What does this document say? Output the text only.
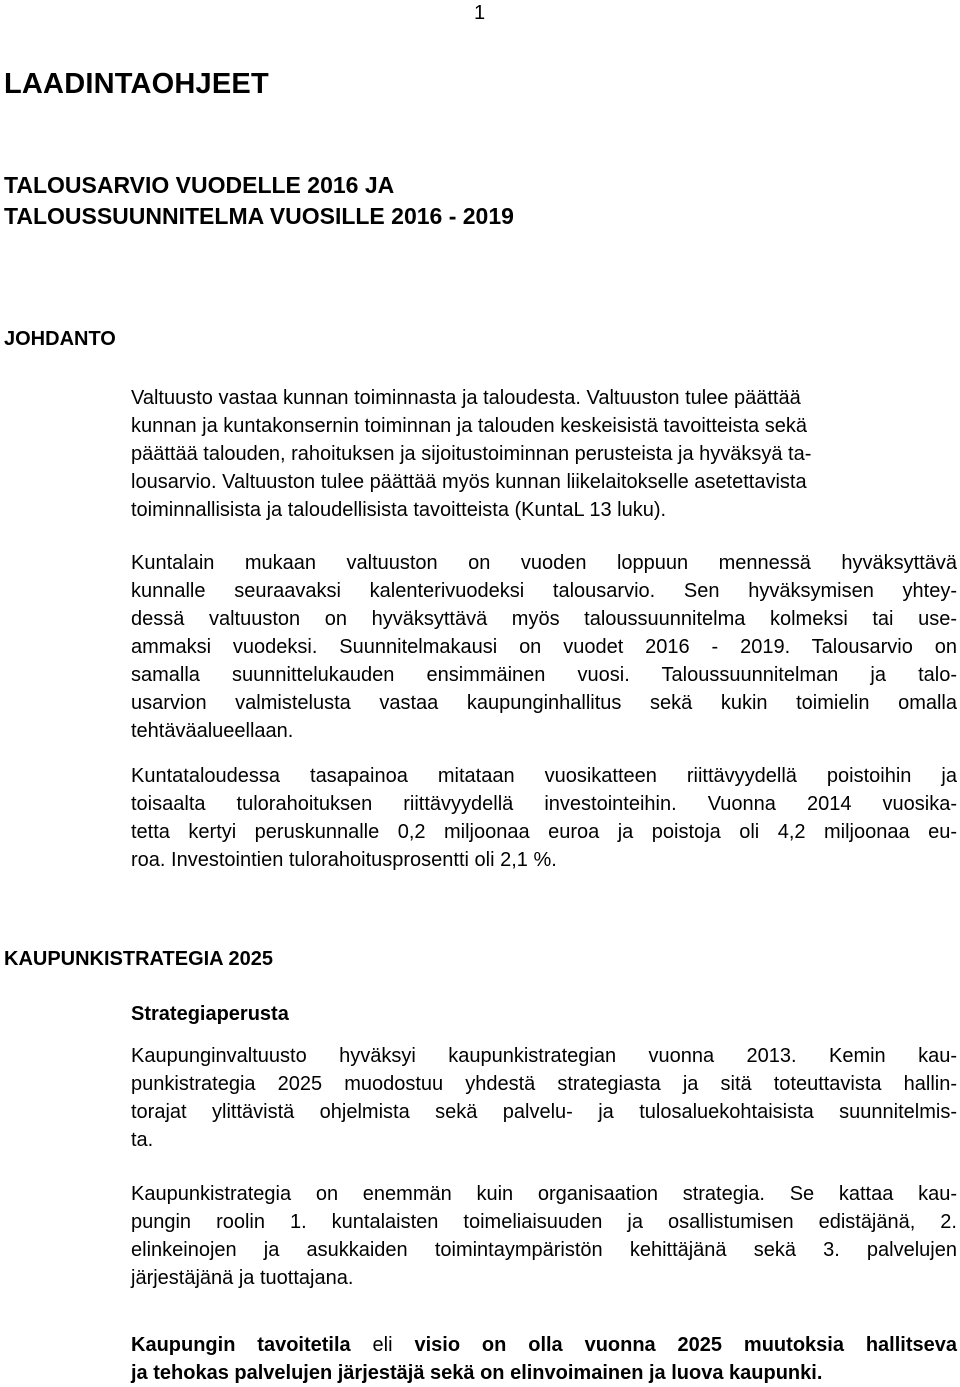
1
LAADINTAOHJEET
TALOUSARVIO VUODELLE 2016 JA
TALOUSSUUNNITELMA VUOSILLE 2016 - 2019
JOHDANTO
Valtuusto vastaa kunnan toiminnasta ja taloudesta. Valtuuston tulee päättää
kunnan ja kuntakonsernin toiminnan ja talouden keskeisistä tavoitteista sekä
päättää talouden, rahoituksen ja sijoitustoiminnan perusteista ja hyväksyä ta-
lousarvio. Valtuuston tulee päättää myös kunnan liikelaitokselle asetettavista
toiminnallisista ja taloudellisista tavoitteista (KuntaL 13 luku).
Kuntalain mukaan valtuuston on vuoden loppuun mennessä hyväksyttävä
kunnalle seuraavaksi kalenterivuodeksi talousarvio. Sen hyväksymisen yhtey-
dessä valtuuston on hyväksyttävä myös taloussuunnitelma kolmeksi tai use-
ammaksi vuodeksi. Suunnitelmakausi on vuodet 2016 - 2019. Talousarvio on
samalla suunnittelukauden ensimmäinen vuosi. Taloussuunnitelman ja talo-
usarvion valmistelusta vastaa kaupunginhallitus sekä kukin toimielin omalla
tehtäväalueellaan.
Kuntataloudessa tasapainoa mitataan vuosikatteen riittävyydellä poistoihin ja
toisaalta tulorahoituksen riittävyydellä investointeihin. Vuonna 2014 vuosika-
tetta kertyi peruskunnalle 0,2 miljoonaa euroa ja poistoja oli 4,2 miljoonaa eu-
roa. Investointien tulorahoitusprosentti oli 2,1 %.
KAUPUNKISTRATEGIA 2025
Strategiaperusta
Kaupunginvaltuusto hyväksyi kaupunkistrategian vuonna 2013. Kemin kau-
punkistrategia 2025 muodostuu yhdestä strategiasta ja sitä toteuttavista hallin-
torajat ylittävistä ohjelmista sekä palvelu- ja tulosaluekohtaisista suunnitelmis-
ta.
Kaupunkistrategia on enemmän kuin organisaation strategia. Se kattaa kau-
pungin roolin 1. kuntalaisten toimeliaisuuden ja osallistumisen edistäjänä, 2.
elinkeinojen ja asukkaiden toimintaympäristön kehittäjänä sekä 3. palvelujen
järjestäjänä ja tuottajana.
Kaupungin tavoitetila eli visio on olla vuonna 2025 muutoksia hallitseva
ja tehokas palvelujen järjestäjä sekä on elinvoimainen ja luova kaupunki.
